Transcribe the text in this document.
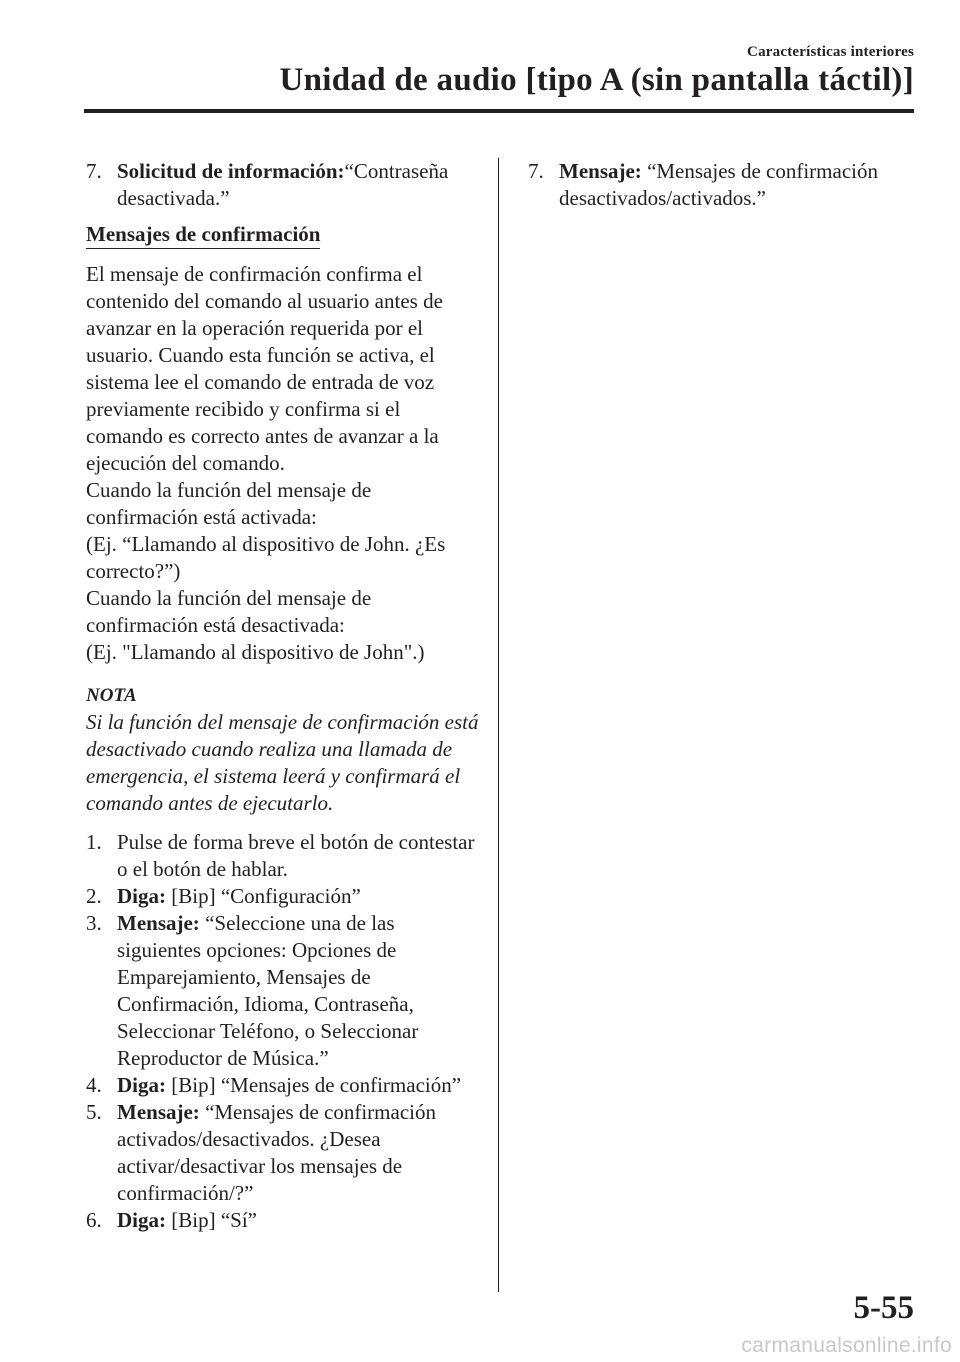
Características interiores
Unidad de audio [tipo A (sin pantalla táctil)]
7. Solicitud de información:“Contraseña desactivada.”
Mensajes de confirmación
El mensaje de confirmación confirma el contenido del comando al usuario antes de avanzar en la operación requerida por el usuario. Cuando esta función se activa, el sistema lee el comando de entrada de voz previamente recibido y confirma si el comando es correcto antes de avanzar a la ejecución del comando.
Cuando la función del mensaje de confirmación está activada:
(Ej. “Llamando al dispositivo de John. ¿Es correcto?”)
Cuando la función del mensaje de confirmación está desactivada:
(Ej. "Llamando al dispositivo de John".)
NOTA
Si la función del mensaje de confirmación está desactivado cuando realiza una llamada de emergencia, el sistema leerá y confirmará el comando antes de ejecutarlo.
1. Pulse de forma breve el botón de contestar o el botón de hablar.
2. Diga: [Bip] “Configuración”
3. Mensaje: “Seleccione una de las siguientes opciones: Opciones de Emparejamiento, Mensajes de Confirmación, Idioma, Contraseña, Seleccionar Teléfono, o Seleccionar Reproductor de Música.”
4. Diga: [Bip] “Mensajes de confirmación”
5. Mensaje: “Mensajes de confirmación activados/desactivados. ¿Desea activar/desactivar los mensajes de confirmación/?”
6. Diga: [Bip] “Sí”
7. Mensaje: “Mensajes de confirmación desactivados/activados.”
5-55
carmanualsonline.info
